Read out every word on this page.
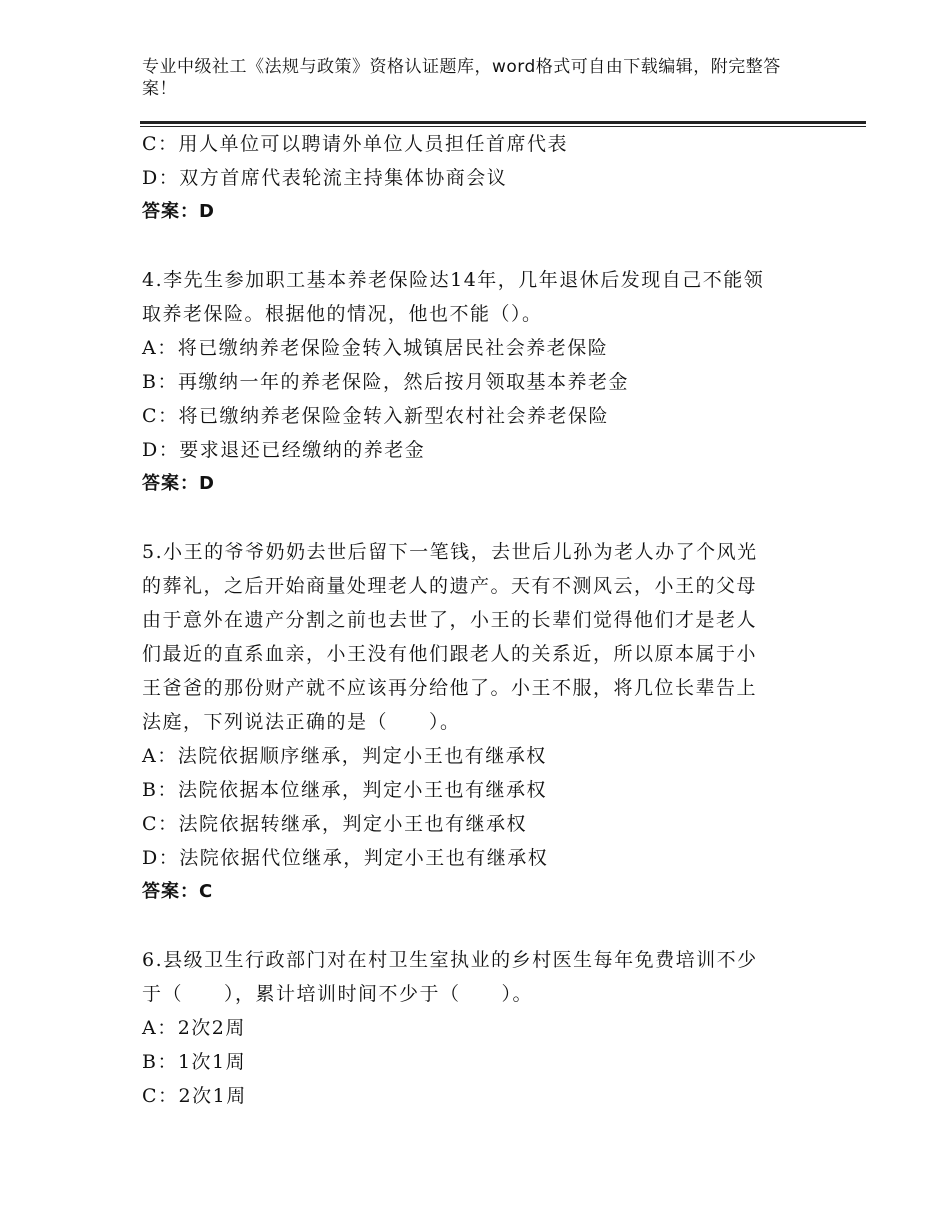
专业中级社工《法规与政策》资格认证题库，word格式可自由下载编辑，附完整答案！
C：用人单位可以聘请外单位人员担任首席代表
D：双方首席代表轮流主持集体协商会议
答案：D
4.李先生参加职工基本养老保险达14年，几年退休后发现自己不能领
取养老保险。根据他的情况，他也不能（）。
A：将已缴纳养老保险金转入城镇居民社会养老保险
B：再缴纳一年的养老保险，然后按月领取基本养老金
C：将已缴纳养老保险金转入新型农村社会养老保险
D：要求退还已经缴纳的养老金
答案：D
5.小王的爷爷奶奶去世后留下一笔钱，去世后儿孙为老人办了个风光
的葬礼，之后开始商量处理老人的遗产。天有不测风云，小王的父母
由于意外在遗产分割之前也去世了，小王的长辈们觉得他们才是老人
们最近的直系血亲，小王没有他们跟老人的关系近，所以原本属于小
王爸爸的那份财产就不应该再分给他了。小王不服，将几位长辈告上
法庭，下列说法正确的是（　　）。
A：法院依据顺序继承，判定小王也有继承权
B：法院依据本位继承，判定小王也有继承权
C：法院依据转继承，判定小王也有继承权
D：法院依据代位继承，判定小王也有继承权
答案：C
6.县级卫生行政部门对在村卫生室执业的乡村医生每年免费培训不少
于（　　），累计培训时间不少于（　　）。
A：2次2周
B：1次1周
C：2次1周
